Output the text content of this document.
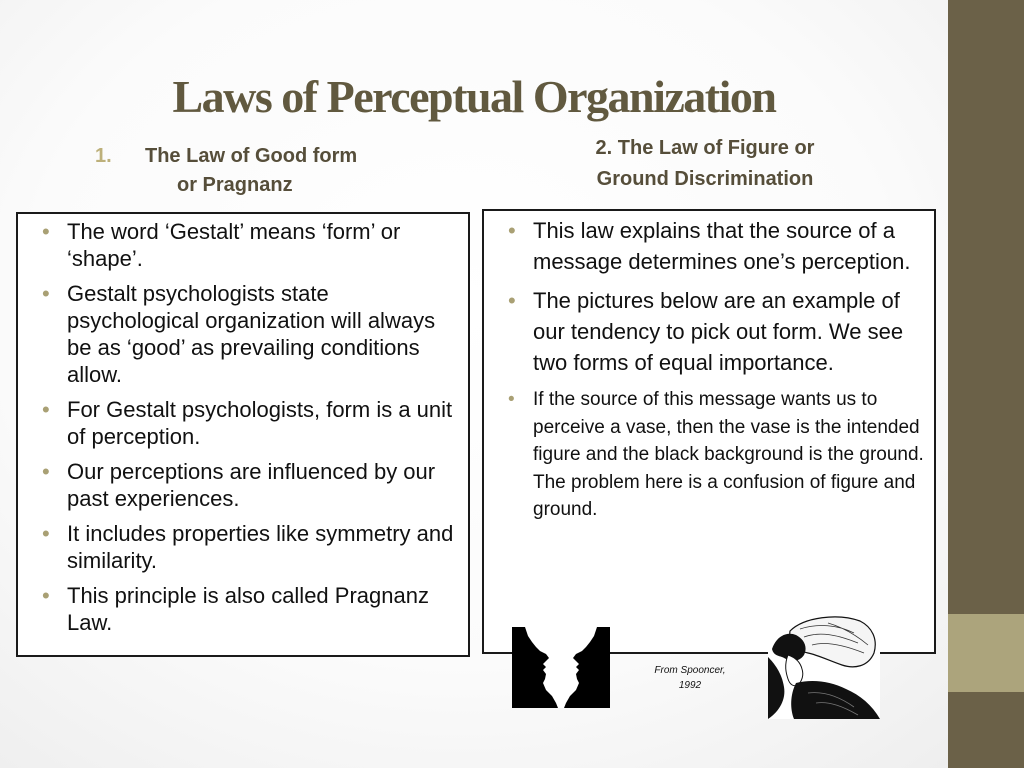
Laws of Perceptual Organization
1. The Law of Good form
or Pragnanz
2. The Law of Figure or
Ground Discrimination
• The word ‘Gestalt’ means ‘form’ or ‘shape’.
• Gestalt psychologists state psychological organization will always be as ‘good’ as prevailing conditions allow.
• For Gestalt psychologists, form is a unit of perception.
• Our perceptions are influenced by our past experiences.
• It includes properties like symmetry and similarity.
• This principle is also called Pragnanz Law.
• This law explains that the source of a message determines one’s perception.
• The pictures below are an example of our tendency to pick out form. We see two forms of equal importance.
• If the source of this message wants us to perceive a vase, then the vase is the intended figure and the black background is the ground. The problem here is a confusion of figure and ground.
From Spooncer,
1992
